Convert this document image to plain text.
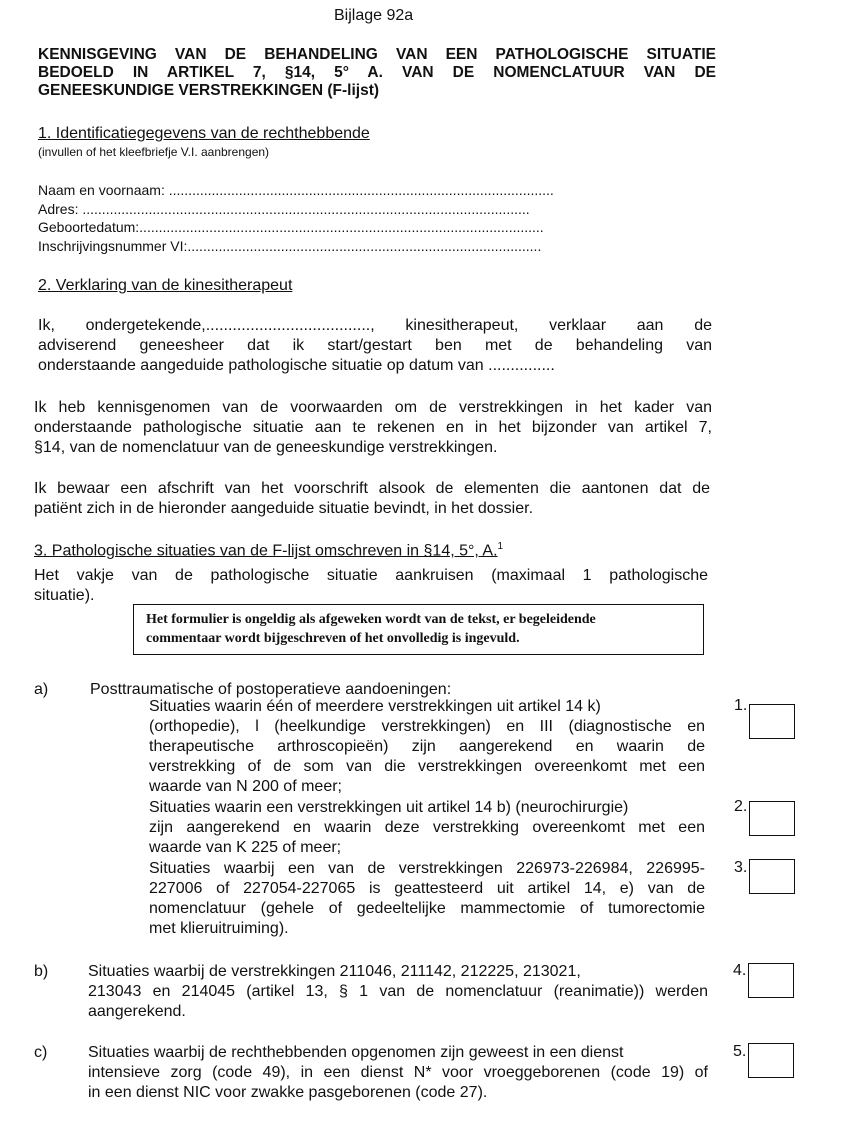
Bijlage 92a
KENNISGEVING VAN DE BEHANDELING VAN EEN PATHOLOGISCHE SITUATIE
BEDOELD IN ARTIKEL 7, §14, 5° A. VAN DE NOMENCLATUUR VAN DE
GENEESKUNDIGE VERSTREKKINGEN (F-lijst)
1. Identificatiegegevens van de rechthebbende
(invullen of het kleefbriefje V.I. aanbrengen)
Naam en voornaam: ...................................................................................................
Adres: ...................................................................................................................
Geboortedatum:........................................................................................................
Inschrijvingsnummer VI:...........................................................................................
2. Verklaring van de kinesitherapeut
Ik, ondergetekende,....................................., kinesitherapeut, verklaar aan de
adviserend geneesheer dat ik start/gestart ben met de behandeling van
onderstaande aangeduide pathologische situatie op datum van ...............
Ik heb kennisgenomen van de voorwaarden om de verstrekkingen in het kader van
onderstaande pathologische situatie aan te rekenen en in het bijzonder van artikel 7,
§14, van de nomenclatuur van de geneeskundige verstrekkingen.
Ik bewaar een afschrift van het voorschrift alsook de elementen die aantonen dat de
patiënt zich in de hieronder aangeduide situatie bevindt, in het dossier.
3. Pathologische situaties van de F-lijst omschreven in §14, 5°, A.$^1$
Het vakje van de pathologische situatie aankruisen (maximaal 1 pathologische
situatie).
Het formulier is ongeldig als afgeweken wordt van de tekst, er begeleidende
commentaar wordt bijgeschreven of het onvolledig is ingevuld.
a)	Posttraumatische of postoperatieve aandoeningen:
Situaties waarin één of meerdere verstrekkingen uit artikel 14 k)
(orthopedie), l (heelkundige verstrekkingen) en III (diagnostische en
therapeutische arthroscopieën) zijn aangerekend en waarin de
verstrekking of de som van die verstrekkingen overeenkomt met een
waarde van N 200 of meer;
Situaties waarin een verstrekkingen uit artikel 14 b) (neurochirurgie)
zijn aangerekend en waarin deze verstrekking overeenkomt met een
waarde van K 225 of meer;
Situaties waarbij een van de verstrekkingen 226973-226984, 226995-
227006 of 227054-227065 is geattesteerd uit artikel 14, e) van de
nomenclatuur (gehele of gedeeltelijke mammectomie of tumorectomie
met klieruitruiming).
b) Situaties waarbij de verstrekkingen 211046, 211142, 212225, 213021,
213043 en 214045 (artikel 13, § 1 van de nomenclatuur (reanimatie)) werden
aangerekend.
c)	Situaties waarbij de rechthebbenden opgenomen zijn geweest in een dienst
intensieve zorg (code 49), in een dienst N* voor vroeggeborenen (code 19) of
in een dienst NIC voor zwakke pasgeborenen (code 27).
1.
2.
3.
4.
5.
